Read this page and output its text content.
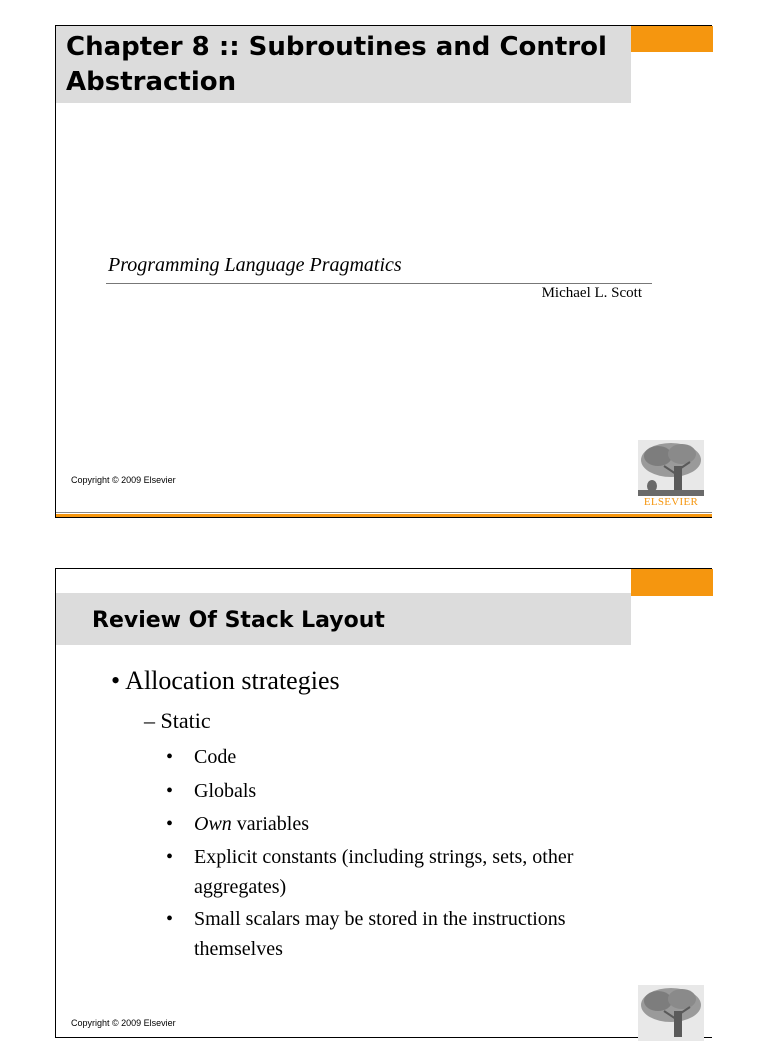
Chapter 8 :: Subroutines and Control Abstraction
Programming Language Pragmatics
Michael L. Scott
Copyright © 2009 Elsevier
ELSEVIER
Review Of Stack Layout
• Allocation strategies
– Static
• Code
• Globals
• Own variables
• Explicit constants (including strings, sets, other aggregates)
• Small scalars may be stored in the instructions themselves
Copyright © 2009 Elsevier
